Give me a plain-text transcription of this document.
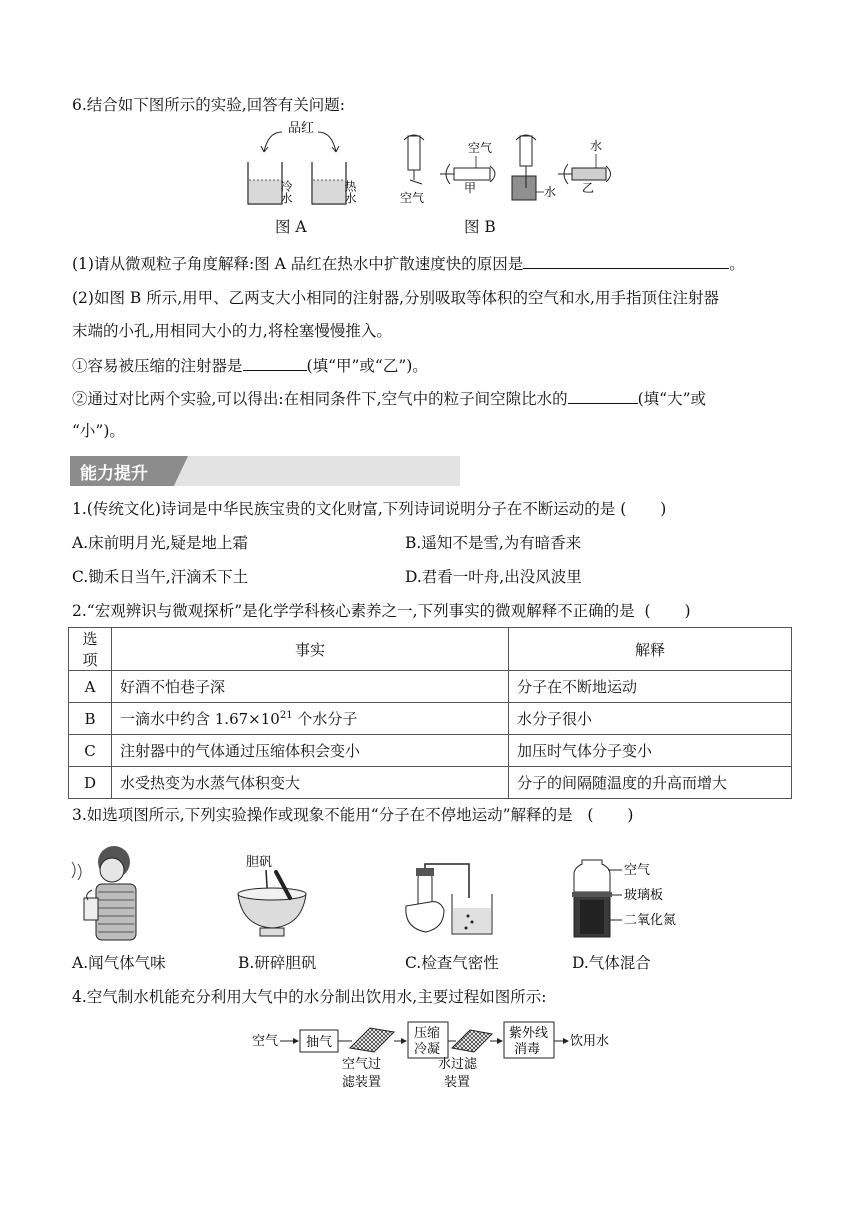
6.结合如下图所示的实验,回答有关问题:
品红
冷水	热水
图 A
空气
空气
甲	水
水
乙
图 B
(1)请从微观粒子角度解释:图 A 品红在热水中扩散速度快的原因是	。
(2)如图 B 所示,用甲、乙两支大小相同的注射器,分别吸取等体积的空气和水,用手指顶住注射器
末端的小孔,用相同大小的力,将栓塞慢慢推入。
①容易被压缩的注射器是	(填“甲”或“乙”)。
②通过对比两个实验,可以得出:在相同条件下,空气中的粒子间空隙比水的	(填“大”或
“小”)。
能力提升
1.(传统文化)诗词是中华民族宝贵的文化财富,下列诗词说明分子在不断运动的是 ( )
A.床前明月光,疑是地上霜	B.遥知不是雪,为有暗香来
C.锄禾日当午,汗滴禾下土	D.君看一叶舟,出没风波里
2.“宏观辨识与微观探析”是化学学科核心素养之一,下列事实的微观解释不正确的是 ( )
选项	事实	解释
A	好酒不怕巷子深	分子在不断地运动
B	一滴水中约含 $1.67\times 10^{21}$ 个水分子	水分子很小
C	注射器中的气体通过压缩体积会变小	加压时气体分子变小
D	水受热变为水蒸气体积变大	分子的间隔随温度的升高而增大
3.如选项图所示,下列实验操作或现象不能用“分子在不停地运动”解释的是 ( )
胆矾
空气
玻璃板
二氧化氮
A.闻气体气味	B.研碎胆矾	C.检查气密性	D.气体混合
4.空气制水机能充分利用大气中的水分制出饮用水,主要过程如图所示:
空气 抽气
空气过
滤装置
压缩
冷凝
水过滤
装置
紫外线
消毒
饮用水
